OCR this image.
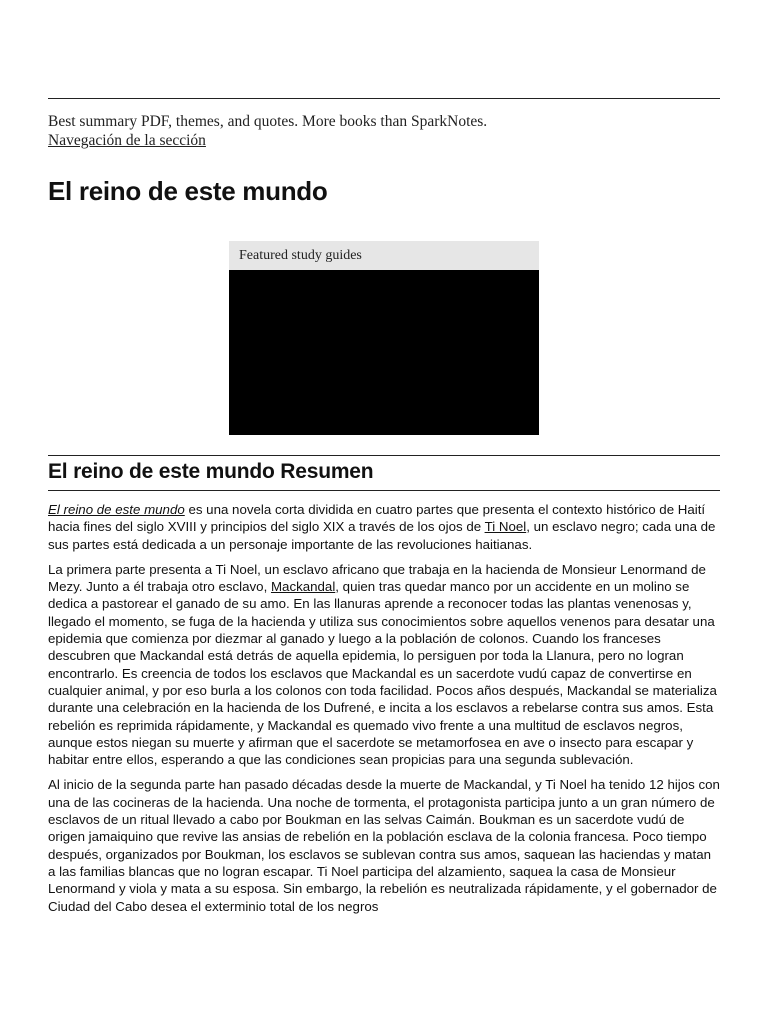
Best summary PDF, themes, and quotes. More books than SparkNotes.
Navegación de la sección
El reino de este mundo
Featured study guides
El reino de este mundo Resumen

El reino de este mundo es una novela corta dividida en cuatro partes que presenta el contexto histórico de Haití hacia fines del siglo XVIII y principios del siglo XIX a través de los ojos de Ti Noel, un esclavo negro; cada una de sus partes está dedicada a un personaje importante de las revoluciones haitianas.

La primera parte presenta a Ti Noel, un esclavo africano que trabaja en la hacienda de Monsieur Lenormand de Mezy. Junto a él trabaja otro esclavo, Mackandal, quien tras quedar manco por un accidente en un molino se dedica a pastorear el ganado de su amo. En las llanuras aprende a reconocer todas las plantas venenosas y, llegado el momento, se fuga de la hacienda y utiliza sus conocimientos sobre aquellos venenos para desatar una epidemia que comienza por diezmar al ganado y luego a la población de colonos. Cuando los franceses descubren que Mackandal está detrás de aquella epidemia, lo persiguen por toda la Llanura, pero no logran encontrarlo. Es creencia de todos los esclavos que Mackandal es un sacerdote vudú capaz de convertirse en cualquier animal, y por eso burla a los colonos con toda facilidad. Pocos años después, Mackandal se materializa durante una celebración en la hacienda de los Dufrené, e incita a los esclavos a rebelarse contra sus amos. Esta rebelión es reprimida rápidamente, y Mackandal es quemado vivo frente a una multitud de esclavos negros, aunque estos niegan su muerte y afirman que el sacerdote se metamorfosea en ave o insecto para escapar y habitar entre ellos, esperando a que las condiciones sean propicias para una segunda sublevación.

Al inicio de la segunda parte han pasado décadas desde la muerte de Mackandal, y Ti Noel ha tenido 12 hijos con una de las cocineras de la hacienda. Una noche de tormenta, el protagonista participa junto a un gran número de esclavos de un ritual llevado a cabo por Boukman en las selvas Caimán. Boukman es un sacerdote vudú de origen jamaiquino que revive las ansias de rebelión en la población esclava de la colonia francesa. Poco tiempo después, organizados por Boukman, los esclavos se sublevan contra sus amos, saquean las haciendas y matan a las familias blancas que no logran escapar. Ti Noel participa del alzamiento, saquea la casa de Monsieur Lenormand y viola y mata a su esposa. Sin embargo, la rebelión es neutralizada rápidamente, y el gobernador de Ciudad del Cabo desea el exterminio total de los negros
